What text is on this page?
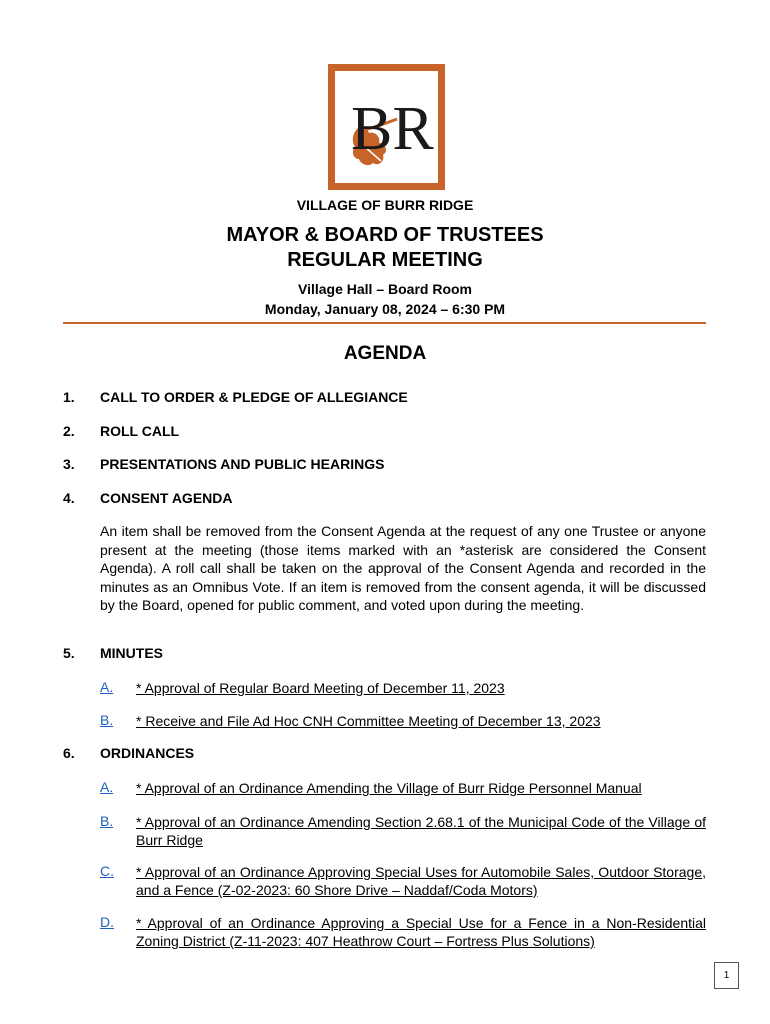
BR
VILLAGE OF BURR RIDGE
MAYOR & BOARD OF TRUSTEES
REGULAR MEETING
Village Hall – Board Room
Monday, January 08, 2024 – 6:30 PM
AGENDA
1. CALL TO ORDER & PLEDGE OF ALLEGIANCE
2. ROLL CALL
3. PRESENTATIONS AND PUBLIC HEARINGS
4. CONSENT AGENDA
An item shall be removed from the Consent Agenda at the request of any one Trustee or anyone present at the meeting (those items marked with an *asterisk are considered the Consent Agenda). A roll call shall be taken on the approval of the Consent Agenda and recorded in the minutes as an Omnibus Vote. If an item is removed from the consent agenda, it will be discussed by the Board, opened for public comment, and voted upon during the meeting.
5. MINUTES
A. * Approval of Regular Board Meeting of December 11, 2023
B. * Receive and File Ad Hoc CNH Committee Meeting of December 13, 2023
6. ORDINANCES
A. * Approval of an Ordinance Amending the Village of Burr Ridge Personnel Manual
B. * Approval of an Ordinance Amending Section 2.68.1 of the Municipal Code of the Village of Burr Ridge
C. * Approval of an Ordinance Approving Special Uses for Automobile Sales, Outdoor Storage, and a Fence (Z-02-2023: 60 Shore Drive – Naddaf/Coda Motors)
D. * Approval of an Ordinance Approving a Special Use for a Fence in a Non-Residential Zoning District (Z-11-2023: 407 Heathrow Court – Fortress Plus Solutions)
1
